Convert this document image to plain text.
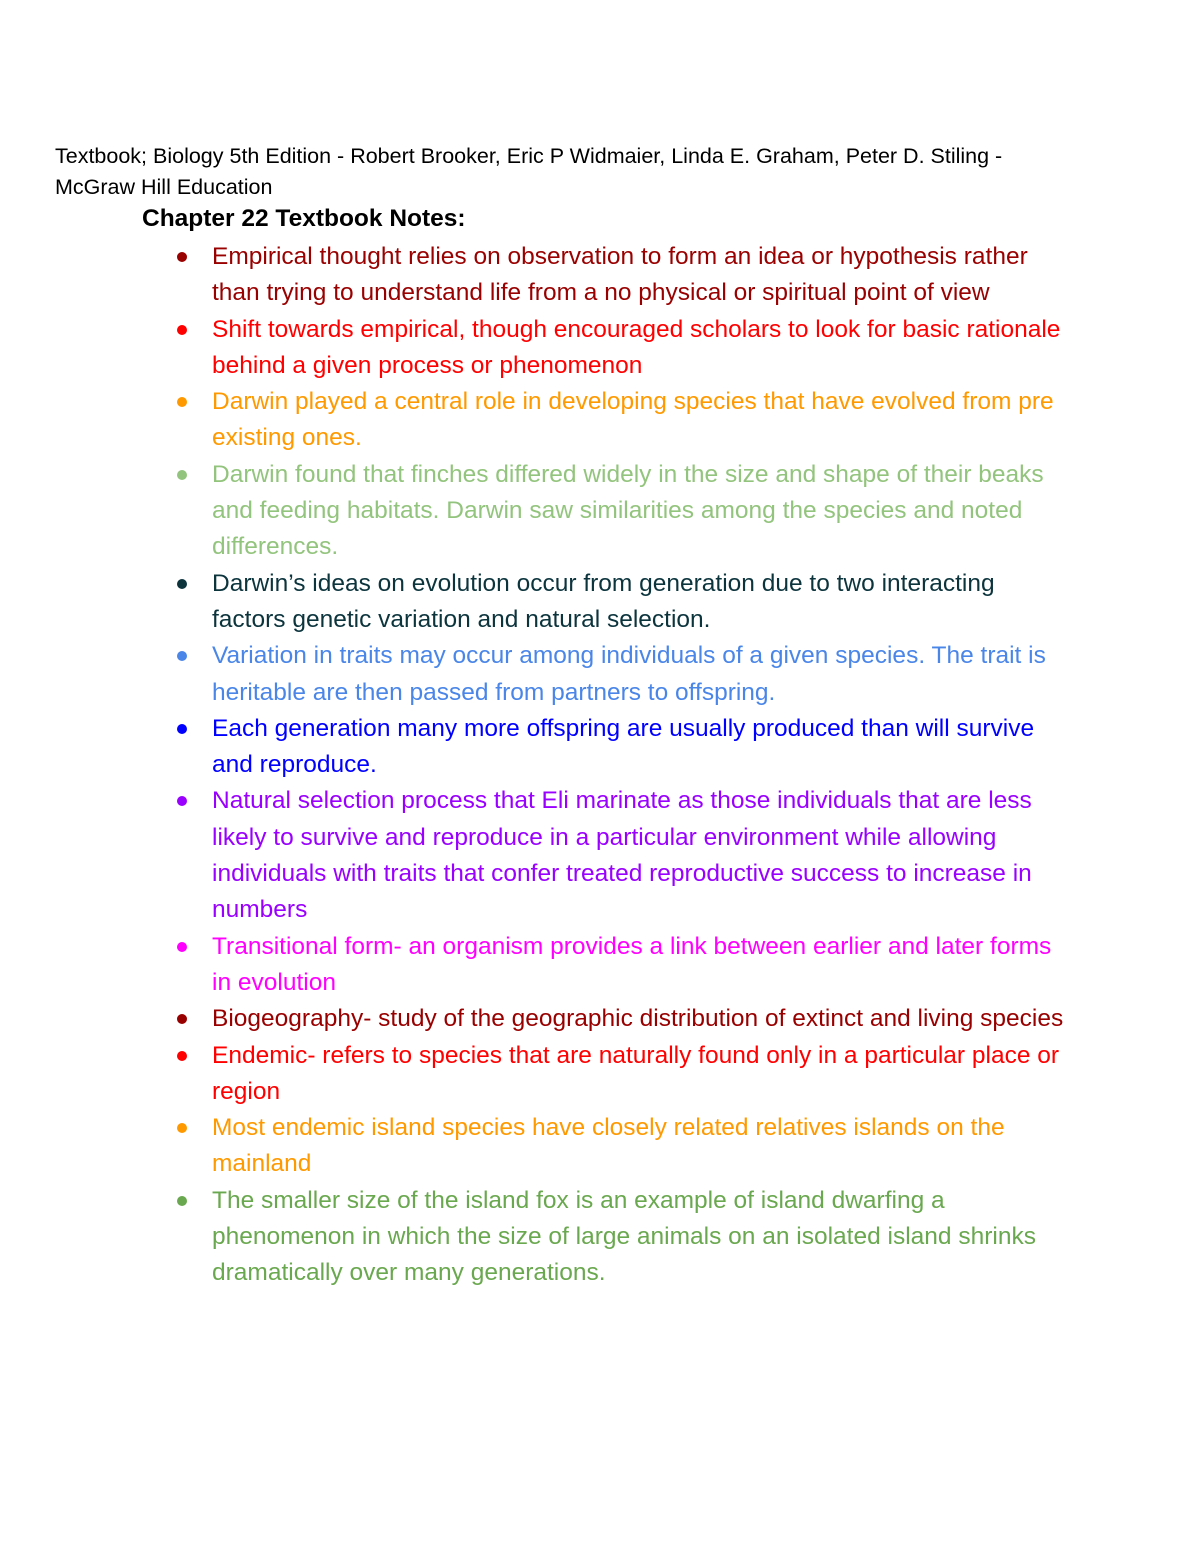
Textbook; Biology 5th Edition - Robert Brooker, Eric P Widmaier, Linda E. Graham, Peter D. Stiling - McGraw Hill Education
Chapter 22 Textbook Notes:
Empirical thought relies on observation to form an idea or hypothesis rather than trying to understand life from a no physical or spiritual point of view
Shift towards empirical, though encouraged scholars to look for basic rationale behind a given process or phenomenon
Darwin played a central role in developing species that have evolved from pre existing ones.
Darwin found that finches differed widely in the size and shape of their beaks and feeding habitats. Darwin saw similarities among the species and noted differences.
Darwin’s ideas on evolution occur from generation due to two interacting factors genetic variation and natural selection.
Variation in traits may occur among individuals of a given species. The trait is heritable are then passed from partners to offspring.
Each generation many more offspring are usually produced than will survive and reproduce.
Natural selection process that Eli marinate as those individuals that are less likely to survive and reproduce in a particular environment while allowing individuals with traits that confer treated reproductive success to increase in numbers
Transitional form- an organism provides a link between earlier and later forms in evolution
Biogeography- study of the geographic distribution of extinct and living species
Endemic- refers to species that are naturally found only in a particular place or region
Most endemic island species have closely related relatives islands on the mainland
The smaller size of the island fox is an example of island dwarfing a phenomenon in which the size of large animals on an isolated island shrinks dramatically over many generations.
